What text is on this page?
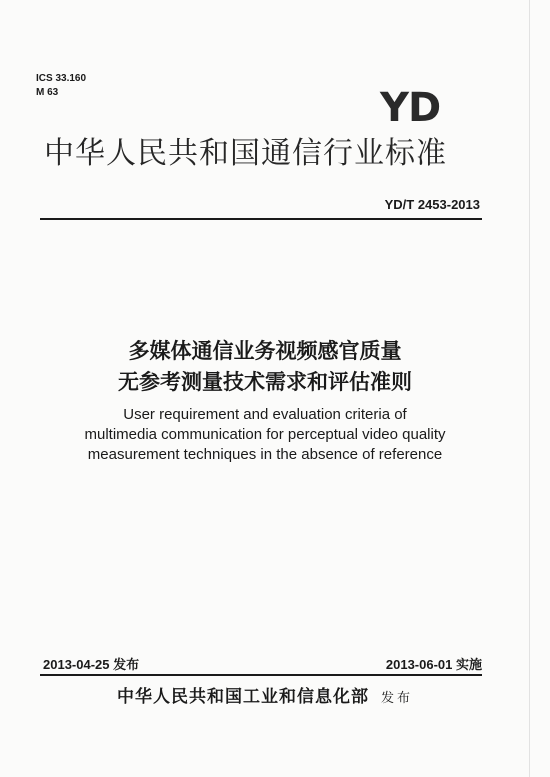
ICS 33.160
M 63	YD
中华人民共和国通信行业标准
YD/T 2453-2013
多媒体通信业务视频感官质量
无参考测量技术需求和评估准则
User requirement and evaluation criteria of
multimedia communication for perceptual video quality
measurement techniques in the absence of reference
2013-04-25 发布	2013-06-01 实施
中华人民共和国工业和信息化部 发布
